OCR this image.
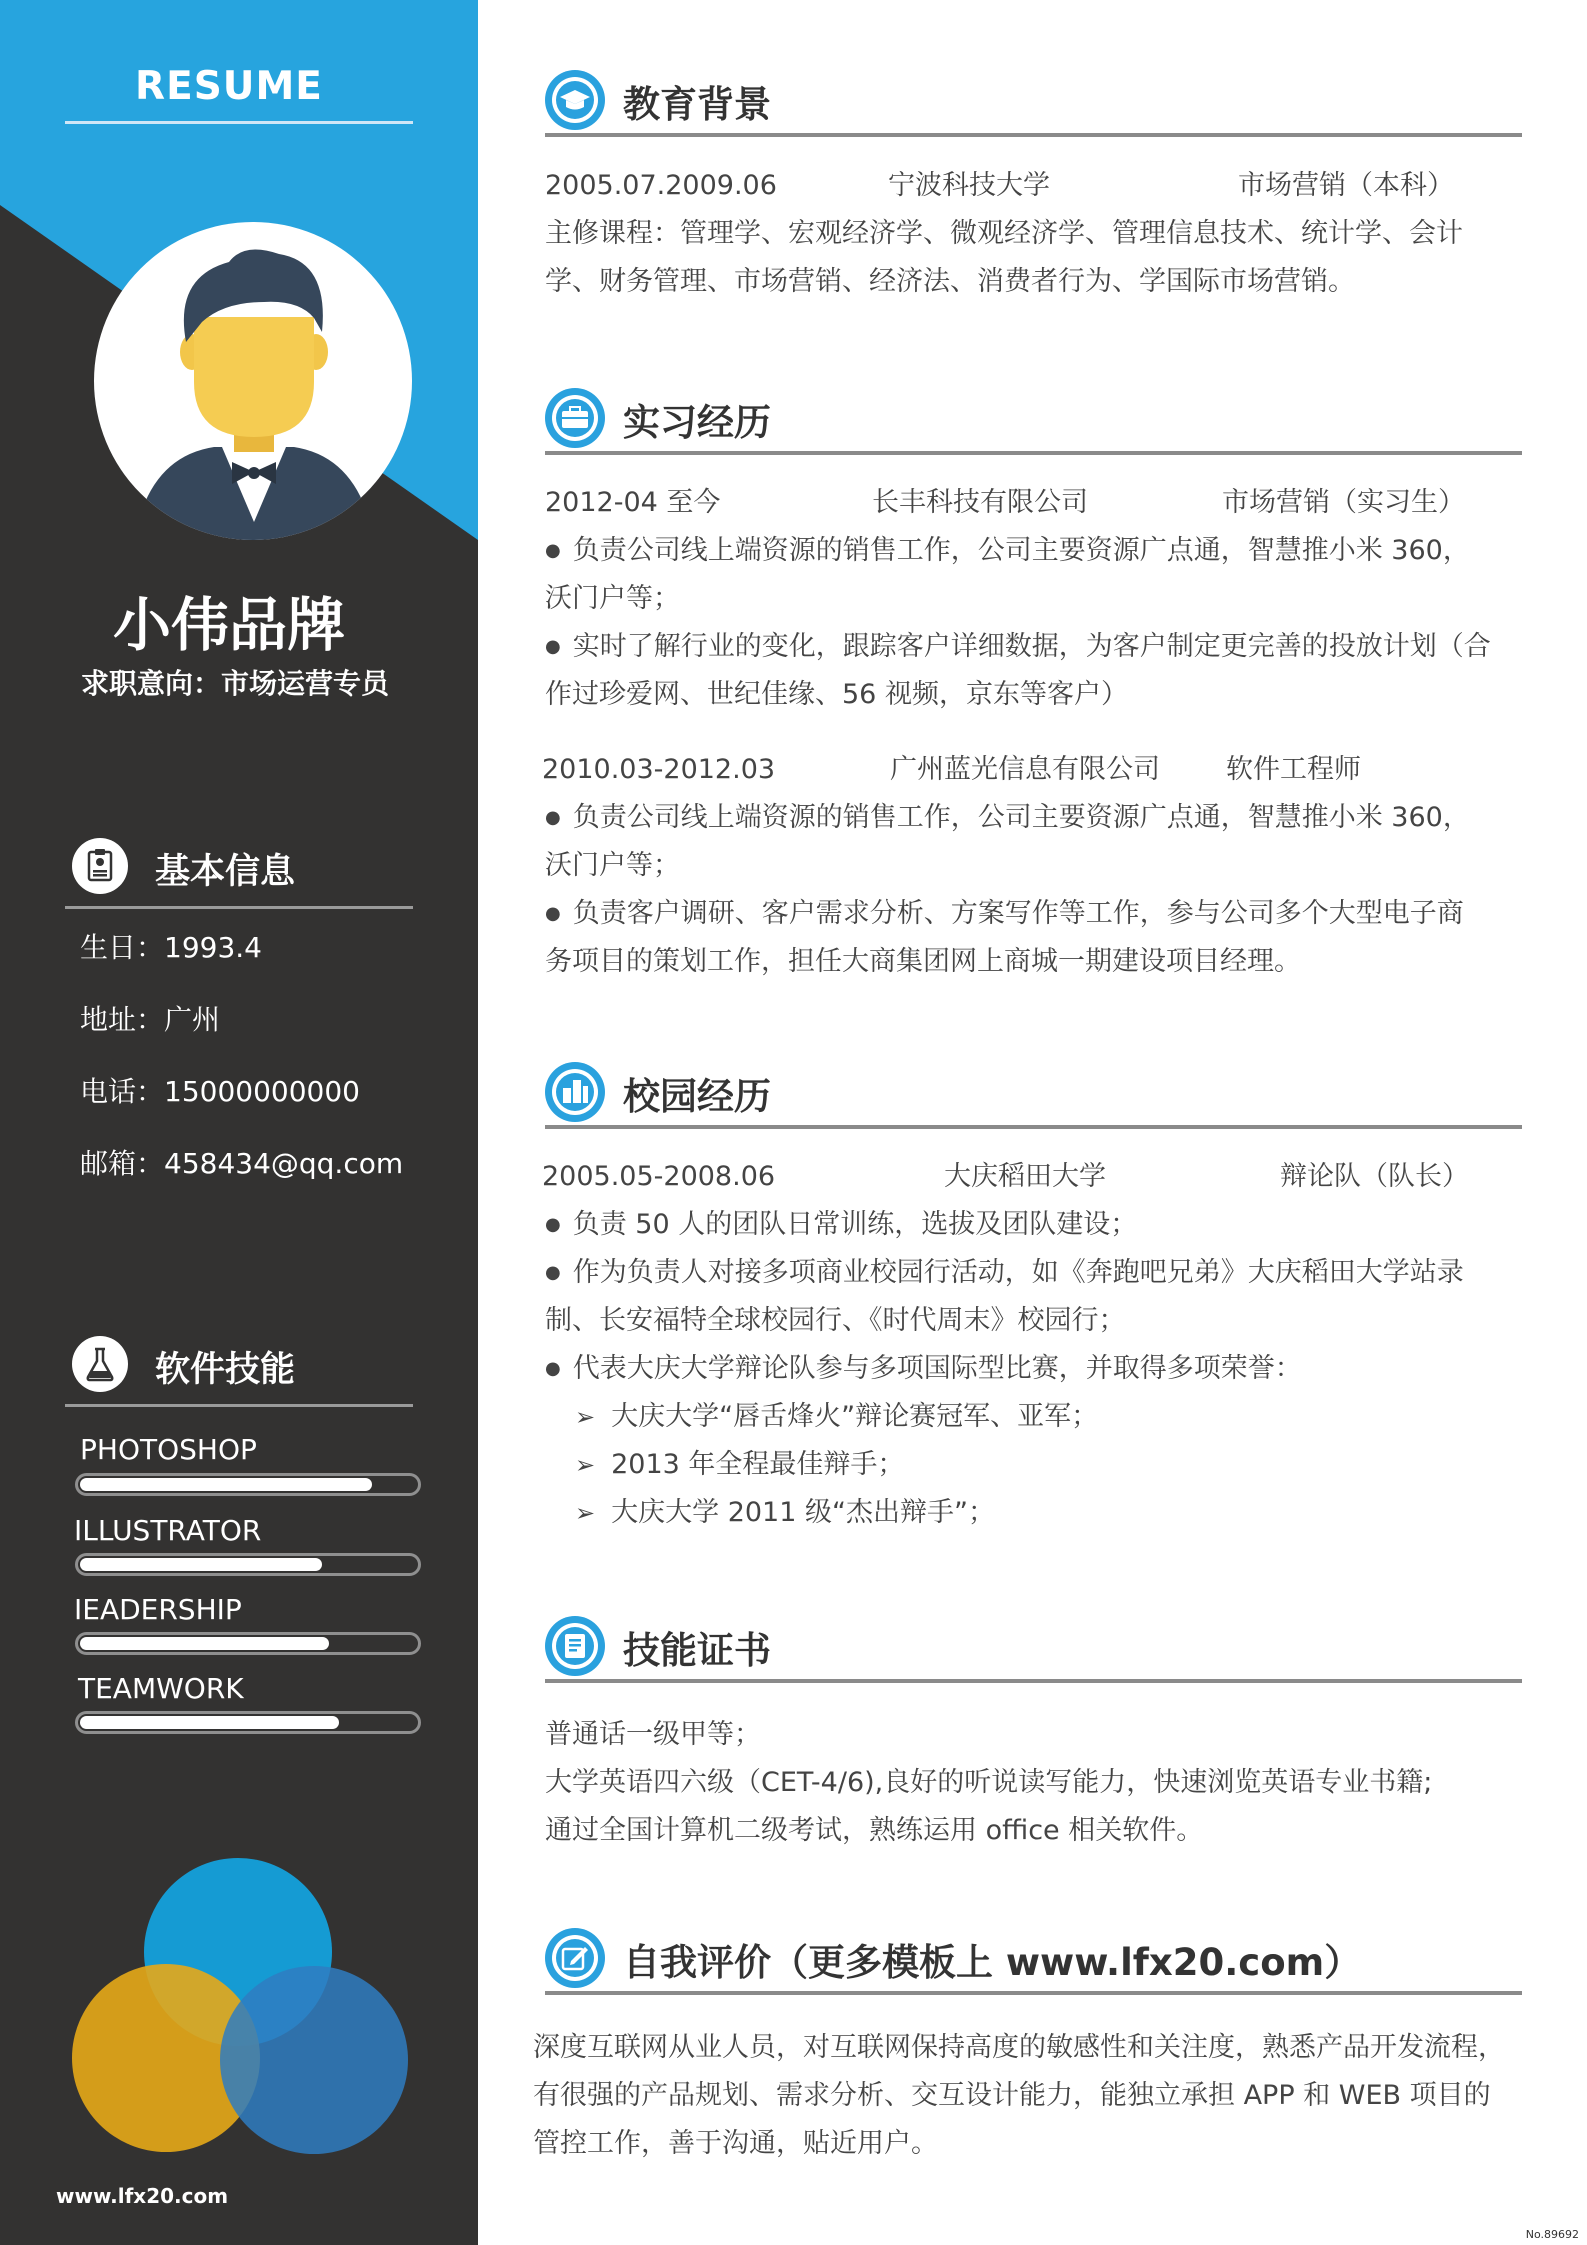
RESUME
小伟品牌
求职意向：市场运营专员
基本信息
生日：1993.4
地址：广州
电话：15000000000
邮箱：458434@qq.com
软件技能
PHOTOSHOP
ILLUSTRATOR
IEADERSHIP
TEAMWORK
www.lfx20.com
教育背景
2005.07.2009.06	宁波科技大学	市场营销（本科）
主修课程：管理学、宏观经济学、微观经济学、管理信息技术、统计学、会计
学、财务管理、市场营销、经济法、消费者行为、学国际市场营销。
实习经历
2012-04 至今	长丰科技有限公司	市场营销（实习生）
● 负责公司线上端资源的销售工作，公司主要资源广点通，智慧推小米 360，
沃门户等；
● 实时了解行业的变化，跟踪客户详细数据，为客户制定更完善的投放计划（合
作过珍爱网、世纪佳缘、56 视频，京东等客户）
2010.03-2012.03	广州蓝光信息有限公司 软件工程师
● 负责公司线上端资源的销售工作，公司主要资源广点通，智慧推小米 360，
沃门户等；
● 负责客户调研、客户需求分析、方案写作等工作，参与公司多个大型电子商
务项目的策划工作，担任大商集团网上商城一期建设项目经理。
校园经历
2005.05-2008.06	大庆稻田大学	辩论队（队长）
● 负责 50 人的团队日常训练，选拔及团队建设；
● 作为负责人对接多项商业校园行活动，如《奔跑吧兄弟》大庆稻田大学站录
制、长安福特全球校园行、《时代周末》校园行；
● 代表大庆大学辩论队参与多项国际型比赛，并取得多项荣誉：
➢ 大庆大学“唇舌烽火”辩论赛冠军、亚军；
➢ 2013 年全程最佳辩手；
➢ 大庆大学 2011 级“杰出辩手”；
技能证书
普通话一级甲等；
大学英语四六级（CET-4/6),良好的听说读写能力，快速浏览英语专业书籍;
通过全国计算机二级考试，熟练运用 office 相关软件。
自我评价（更多模板上 www.lfx20.com）
深度互联网从业人员，对互联网保持高度的敏感性和关注度，熟悉产品开发流程，
有很强的产品规划、需求分析、交互设计能力，能独立承担 APP 和 WEB 项目的
管控工作，善于沟通，贴近用户。
No.89692
